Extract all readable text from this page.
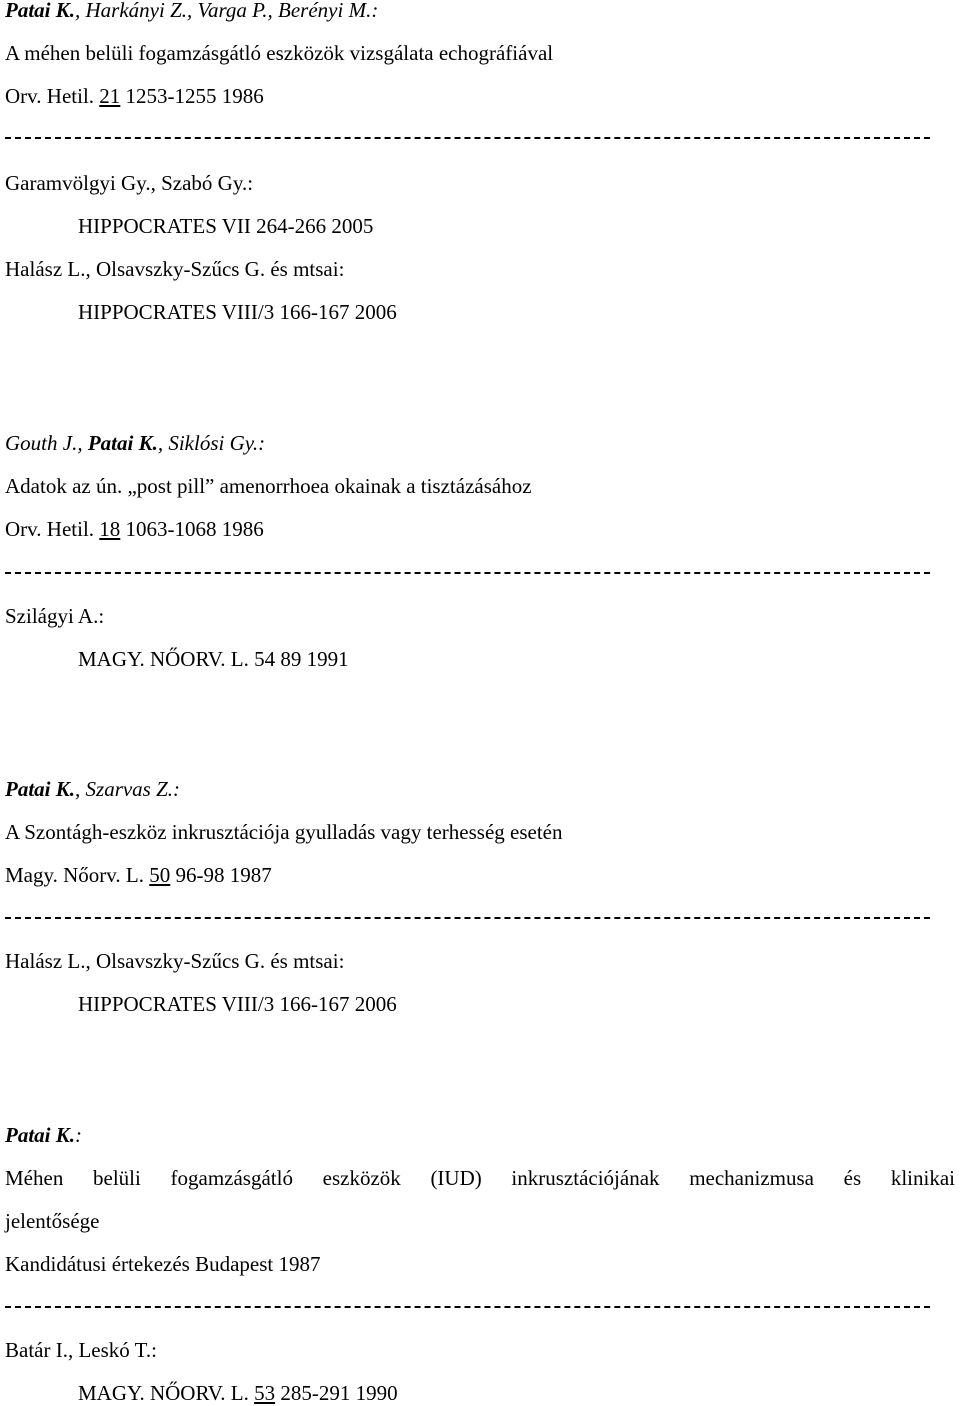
Patai K., Harkányi Z., Varga P., Berényi M.:
A méhen belüli fogamzásgátló eszközök vizsgálata echográfiával
Orv. Hetil. 21 1253-1255 1986
Garamvölgyi Gy., Szabó Gy.:
HIPPOCRATES VII 264-266 2005
Halász L., Olsavszky-Szűcs G. és mtsai:
HIPPOCRATES VIII/3 166-167 2006
Gouth J., Patai K., Siklósi Gy.:
Adatok az ún. „post pill” amenorrhoea okainak a tisztázásához
Orv. Hetil. 18 1063-1068 1986
Szilágyi A.:
MAGY. NŐORV. L. 54 89 1991
Patai K., Szarvas Z.:
A Szontágh-eszköz inkrusztációja gyulladás vagy terhesség esetén
Magy. Nőorv. L. 50 96-98 1987
Halász L., Olsavszky-Szűcs G. és mtsai:
HIPPOCRATES VIII/3 166-167 2006
Patai K.:
Méhen belüli fogamzásgátló eszközök (IUD) inkrusztációjának mechanizmusa és klinikai
jelentősége
Kandidátusi értekezés Budapest 1987
Batár I., Leskó T.:
MAGY. NŐORV. L. 53 285-291 1990
